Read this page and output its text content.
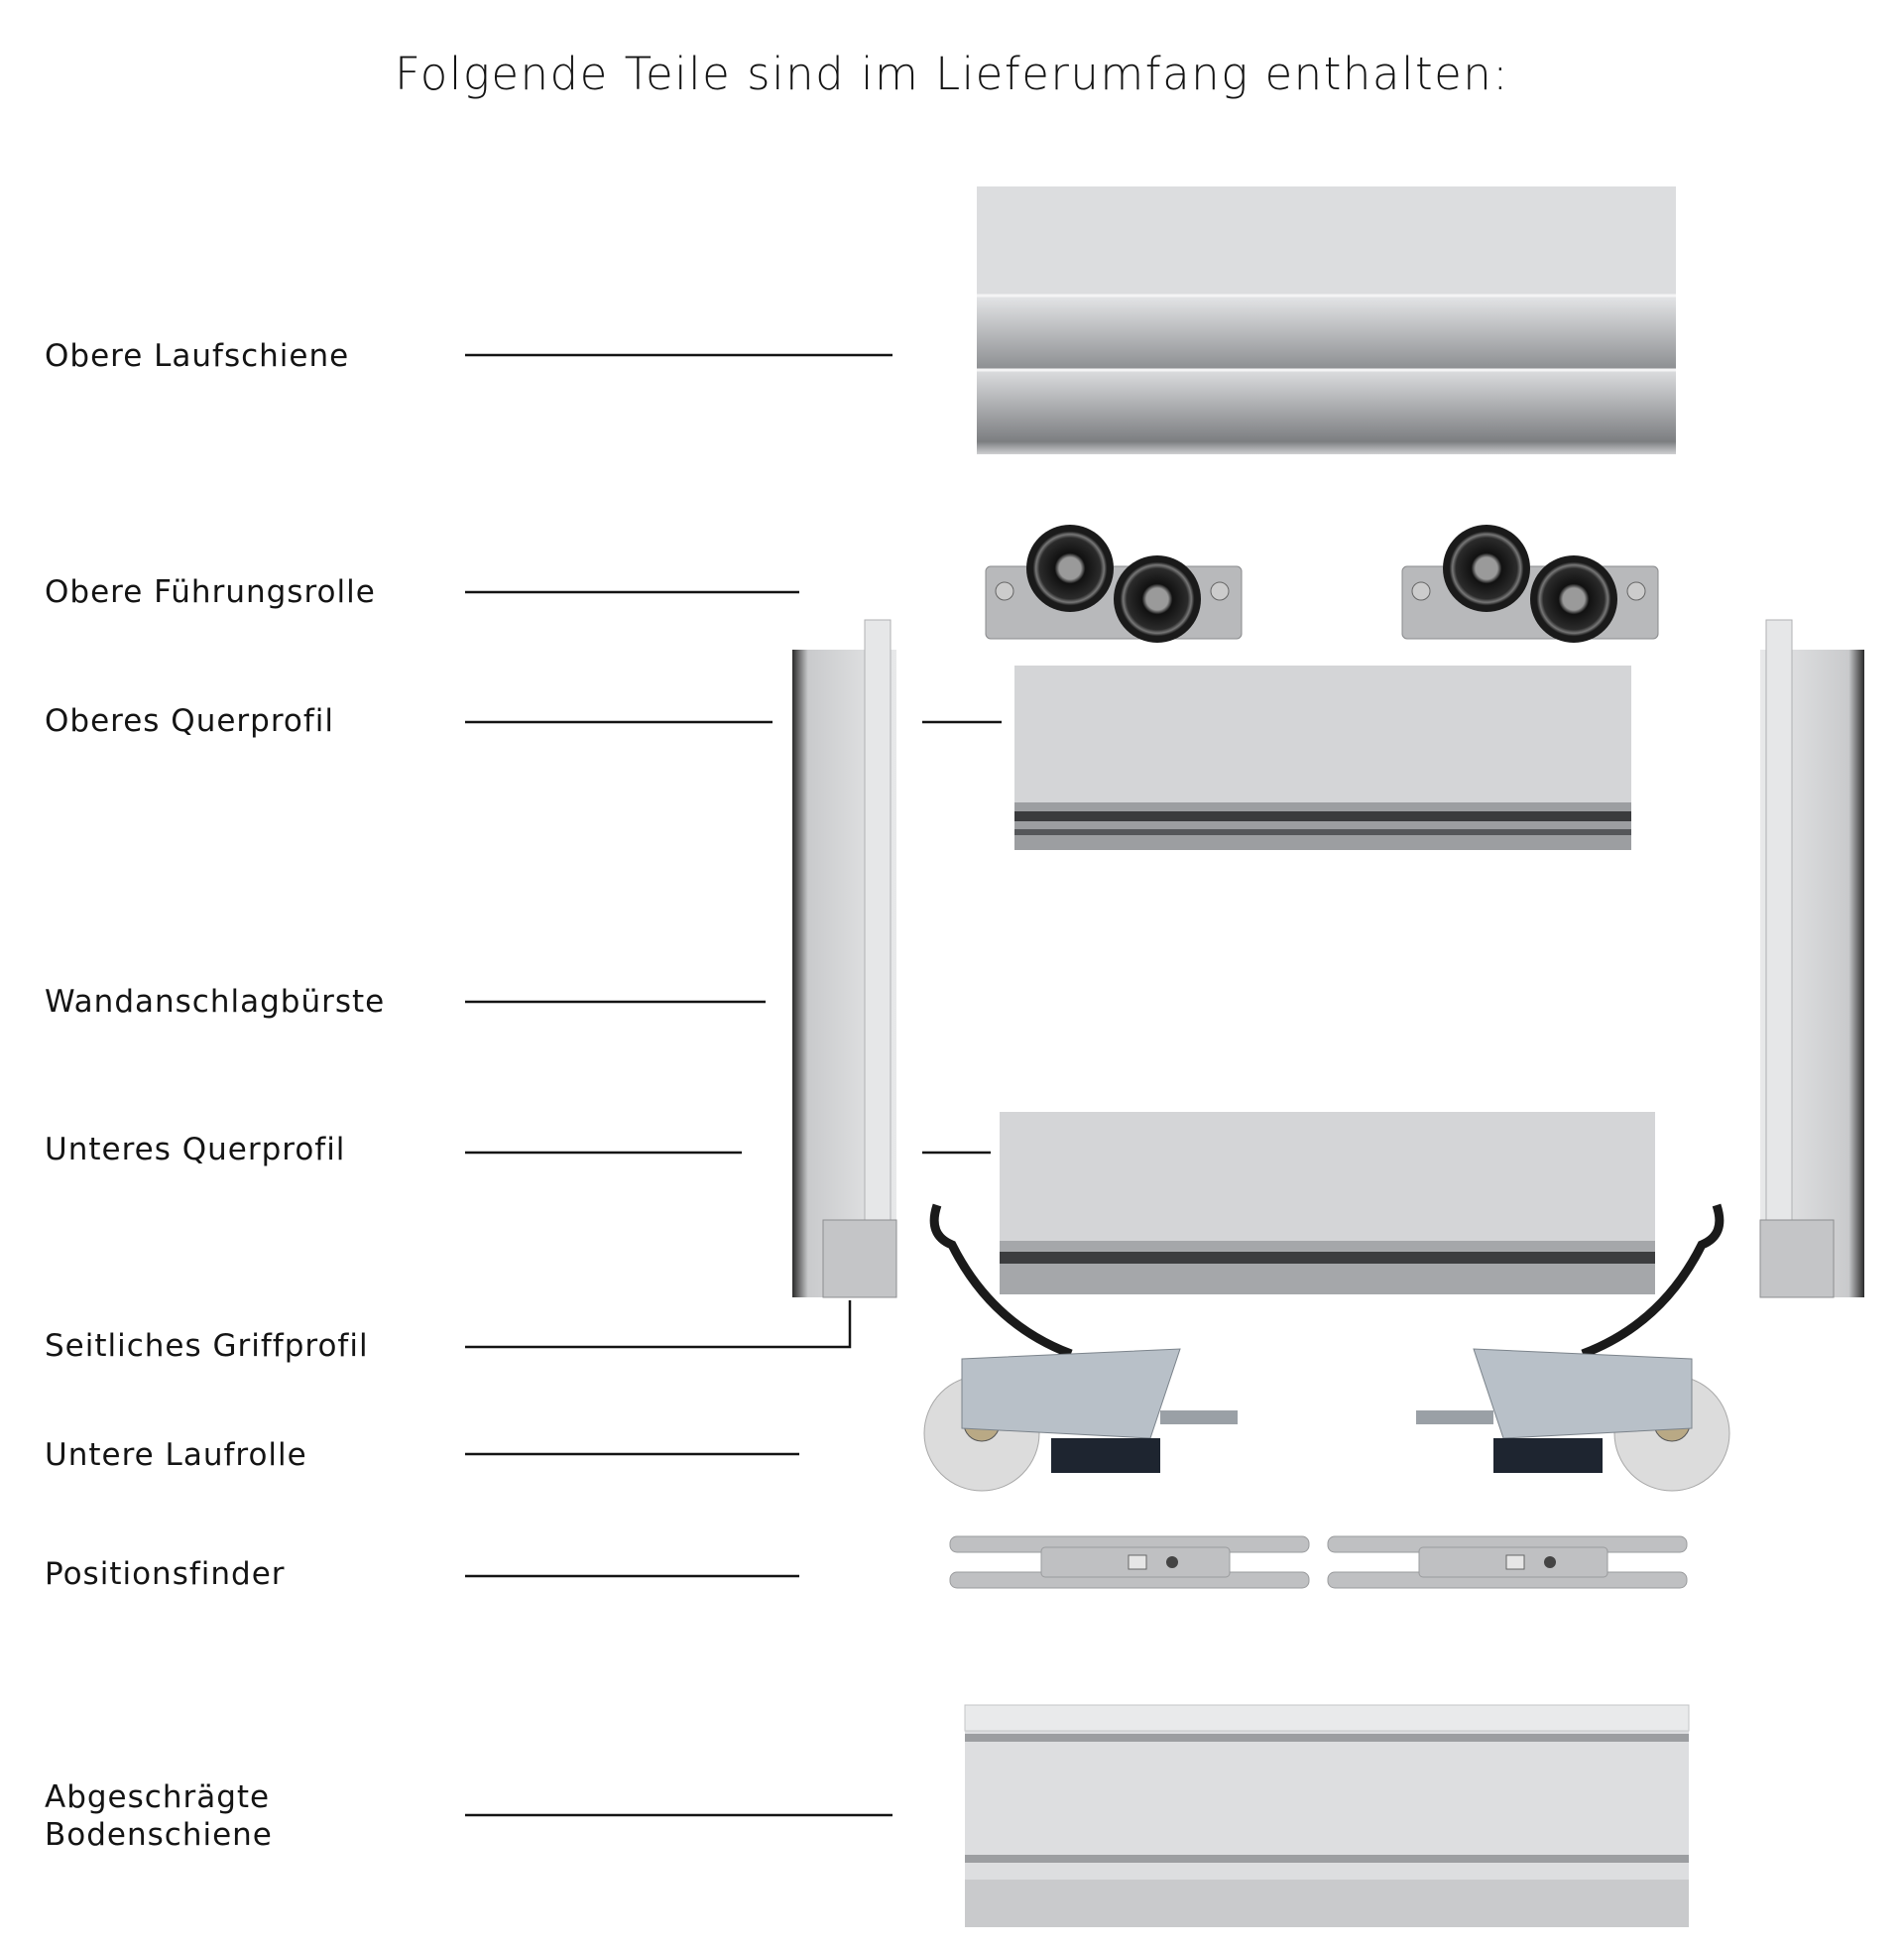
Folgende Teile sind im Lieferumfang enthalten:
Obere Laufschiene
Obere Führungsrolle
Oberes Querprofil
Wandanschlagbürste
Unteres Querprofil
Seitliches Griffprofil
Untere Laufrolle
Positionsfinder
Abgeschrägte
Bodenschiene
